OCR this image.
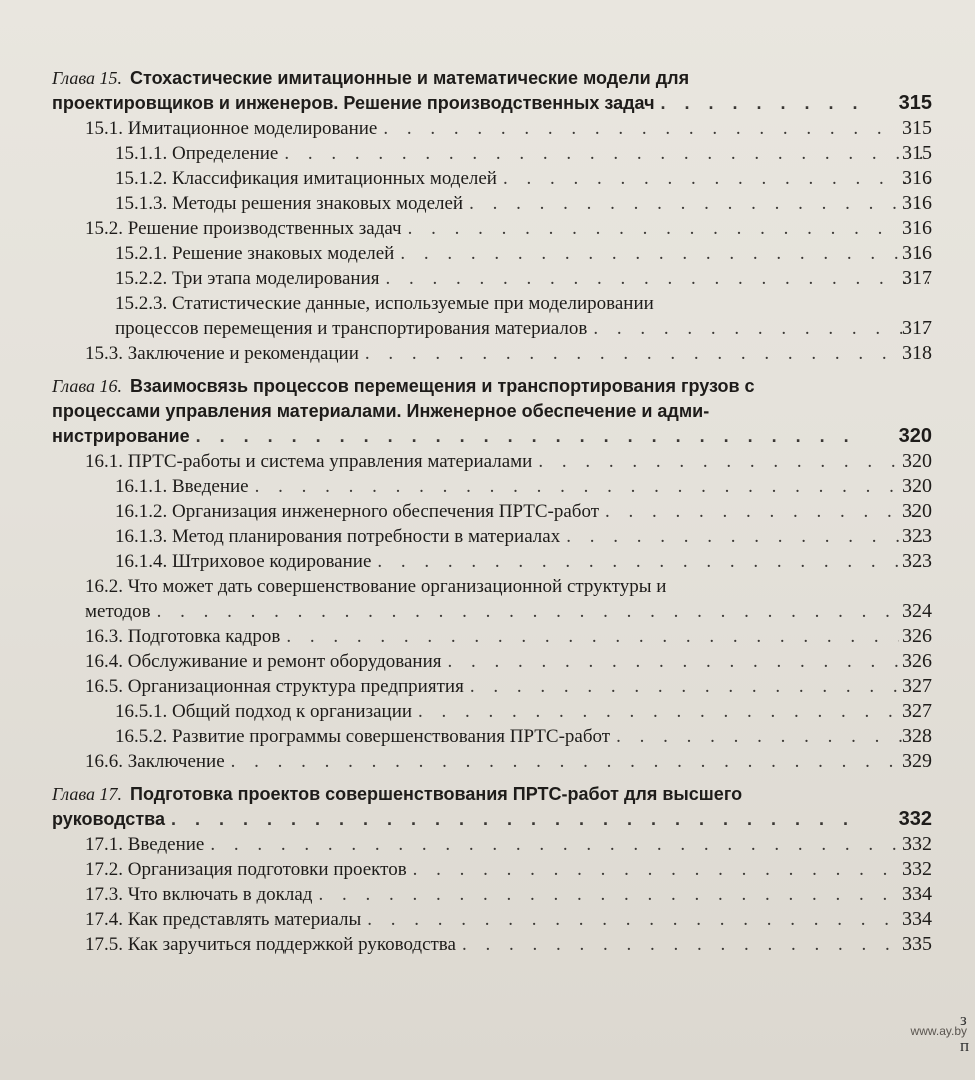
Глава 15. Стохастические имитационные и математические модели для
проектировщиков и инженеров. Решение производственных задач . . .	315
15.1. Имитационное моделирование . . .	315
15.1.1. Определение . . .	315
15.1.2. Классификация имитационных моделей . . .	316
15.1.3. Методы решения знаковых моделей . . .	316
15.2. Решение производственных задач . . .	316
15.2.1. Решение знаковых моделей . . .	316
15.2.2. Три этапа моделирования . . .	317
15.2.3. Статистические данные, используемые при моделировании
процессов перемещения и транспортирования материалов . . .	317
15.3. Заключение и рекомендации . . .	318
Глава 16. Взаимосвязь процессов перемещения и транспортирования грузов с
процессами управления материалами. Инженерное обеспечение и адми-
нистрирование . . .	320
16.1. ПРТС-работы и система управления материалами . . .	320
16.1.1. Введение . . .	320
16.1.2. Организация инженерного обеспечения ПРТС-работ . . .	320
16.1.3. Метод планирования потребности в материалах . . .	323
16.1.4. Штриховое кодирование . . .	323
16.2. Что может дать совершенствование организационной структуры и
методов . . .	324
16.3. Подготовка кадров . . .	326
16.4. Обслуживание и ремонт оборудования . . .	326
16.5. Организационная структура предприятия . . .	327
16.5.1. Общий подход к организации . . .	327
16.5.2. Развитие программы совершенствования ПРТС-работ . . .	328
16.6. Заключение . . .	329
Глава 17. Подготовка проектов совершенствования ПРТС-работ для высшего
руководства . . .	332
17.1. Введение . . .	332
17.2. Организация подготовки проектов . . .	332
17.3. Что включать в доклад . . .	334
17.4. Как представлять материалы . . .	334
17.5. Как заручиться поддержкой руководства . . .	335
з
п
www.ay.by
